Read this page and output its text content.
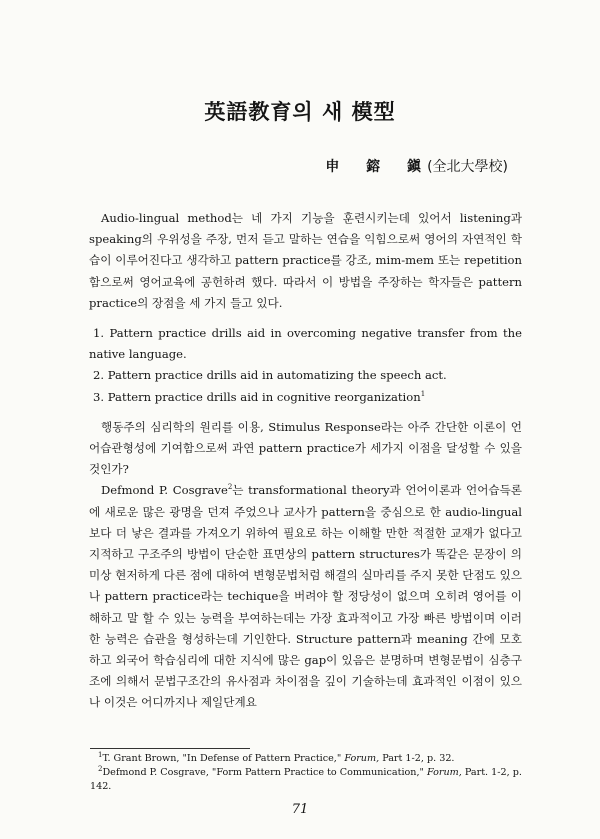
英語教育의 새 模型
申 鎔 鎭 (全北大學校)

Audio-lingual method는 네 가지 기능을 훈련시키는데 있어서 listening과 speaking의 우위성을 주장, 먼저 듣고 말하는 연습을 익힘으로써 영어의 자연적인 학습이 이루어진다고 생각하고 pattern practice를 강조, mim-mem 또는 repetition 함으로써 영어교육에 공헌하려 했다. 따라서 이 방법을 주장하는 학자들은 pattern practice의 장점을 세 가지 들고 있다.

1. Pattern practice drills aid in overcoming negative transfer from the native language.

2. Pattern practice drills aid in automatizing the speech act.

3. Pattern practice drills aid in cognitive reorganization$^1$

행동주의 심리학의 원리를 이용, Stimulus Response라는 아주 간단한 이론이 언어습관형성에 기여함으로써 과연 pattern practice가 세가지 이점을 달성할 수 있을 것인가?

Defmond P. Cosgrave$^2$는 transformational theory과 언어이론과 언어습득론에 새로운 많은 광명을 던져 주었으나 교사가 pattern을 중심으로 한 audio-lingual보다 더 낳은 결과를 가져오기 위하여 필요로 하는 이해할 만한 적절한 교재가 없다고 지적하고 구조주의 방법이 단순한 표면상의 pattern structures가 똑같은 문장이 의미상 현저하게 다른 점에 대하여 변형문법처럼 해결의 실마리를 주지 못한 단점도 있으나 pattern practice라는 techique을 버려야 할 정당성이 없으며 오히려 영어를 이해하고 말 할 수 있는 능력을 부여하는데는 가장 효과적이고 가장 빠른 방법이며 이러한 능력은 습관을 형성하는데 기인한다. Structure pattern과 meaning 간에 모호하고 외국어 학습심리에 대한 지식에 많은 gap이 있음은 분명하며 변형문법이 심층구조에 의해서 문법구조간의 유사점과 차이점을 깊이 기술하는데 효과적인 이점이 있으나 이것은 어디까지나 제일단계요

$^1$T. Grant Brown, "In Defense of Pattern Practice," Forum, Part 1-2, p. 32.

$^2$Defmond P. Cosgrave, "Form Pattern Practice to Communication," Forum, Part. 1-2, p. 142.

71
